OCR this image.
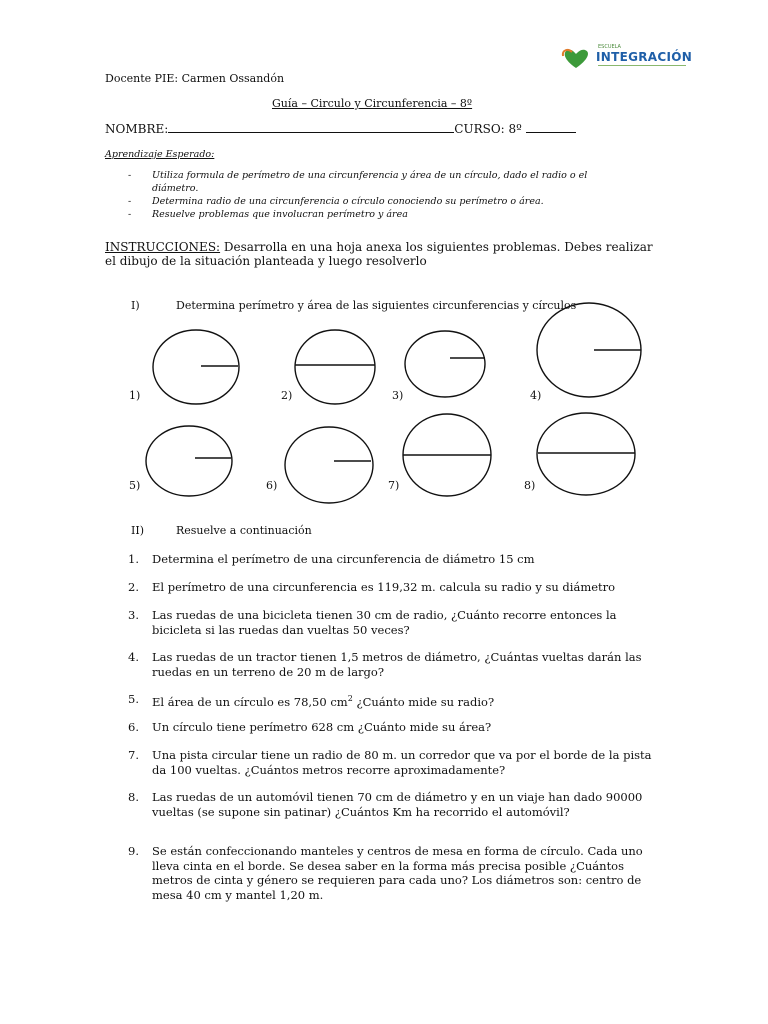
ESCUELA
INTEGRACIÓN
Docente PIE: Carmen Ossandón
Guía – Circulo y Circunferencia – 8º
NOMBRE:	CURSO: 8º
Aprendizaje Esperado:
- Utiliza formula de perímetro de una circunferencia y área de un círculo, dado el radio o el diámetro.
- Determina radio de una circunferencia o círculo conociendo su perímetro o área.
- Resuelve problemas que involucran perímetro y área
INSTRUCCIONES: Desarrolla en una hoja anexa los siguientes problemas. Debes realizar el dibujo de la situación planteada y luego resolverlo
I)	Determina perímetro y área de las siguientes circunferencias y círculos
1)	2)	3)	4)
5)	6)	7)	8)
II)	Resuelve a continuación
1. Determina el perímetro de una circunferencia de diámetro 15 cm
2. El perímetro de una circunferencia es 119,32 m. calcula su radio y su diámetro
3. Las ruedas de una bicicleta tienen 30 cm de radio, ¿Cuánto recorre entonces la bicicleta si las ruedas dan vueltas 50 veces?
4. Las ruedas de un tractor tienen 1,5 metros de diámetro, ¿Cuántas vueltas darán las ruedas en un terreno de 20 m de largo?
5. El área de un círculo es 78,50 $cm^2$ ¿Cuánto mide su radio?
6. Un círculo tiene perímetro 628 cm ¿Cuánto mide su área?
7. Una pista circular tiene un radio de 80 m. un corredor que va por el borde de la pista da 100 vueltas. ¿Cuántos metros recorre aproximadamente?
8. Las ruedas de un automóvil tienen 70 cm de diámetro y en un viaje han dado 90000 vueltas (se supone sin patinar) ¿Cuántos Km ha recorrido el automóvil?
9. Se están confeccionando manteles y centros de mesa en forma de círculo. Cada uno lleva cinta en el borde. Se desea saber en la forma más precisa posible ¿Cuántos metros de cinta y género se requieren para cada uno? Los diámetros son: centro de mesa 40 cm y mantel 1,20 m.
